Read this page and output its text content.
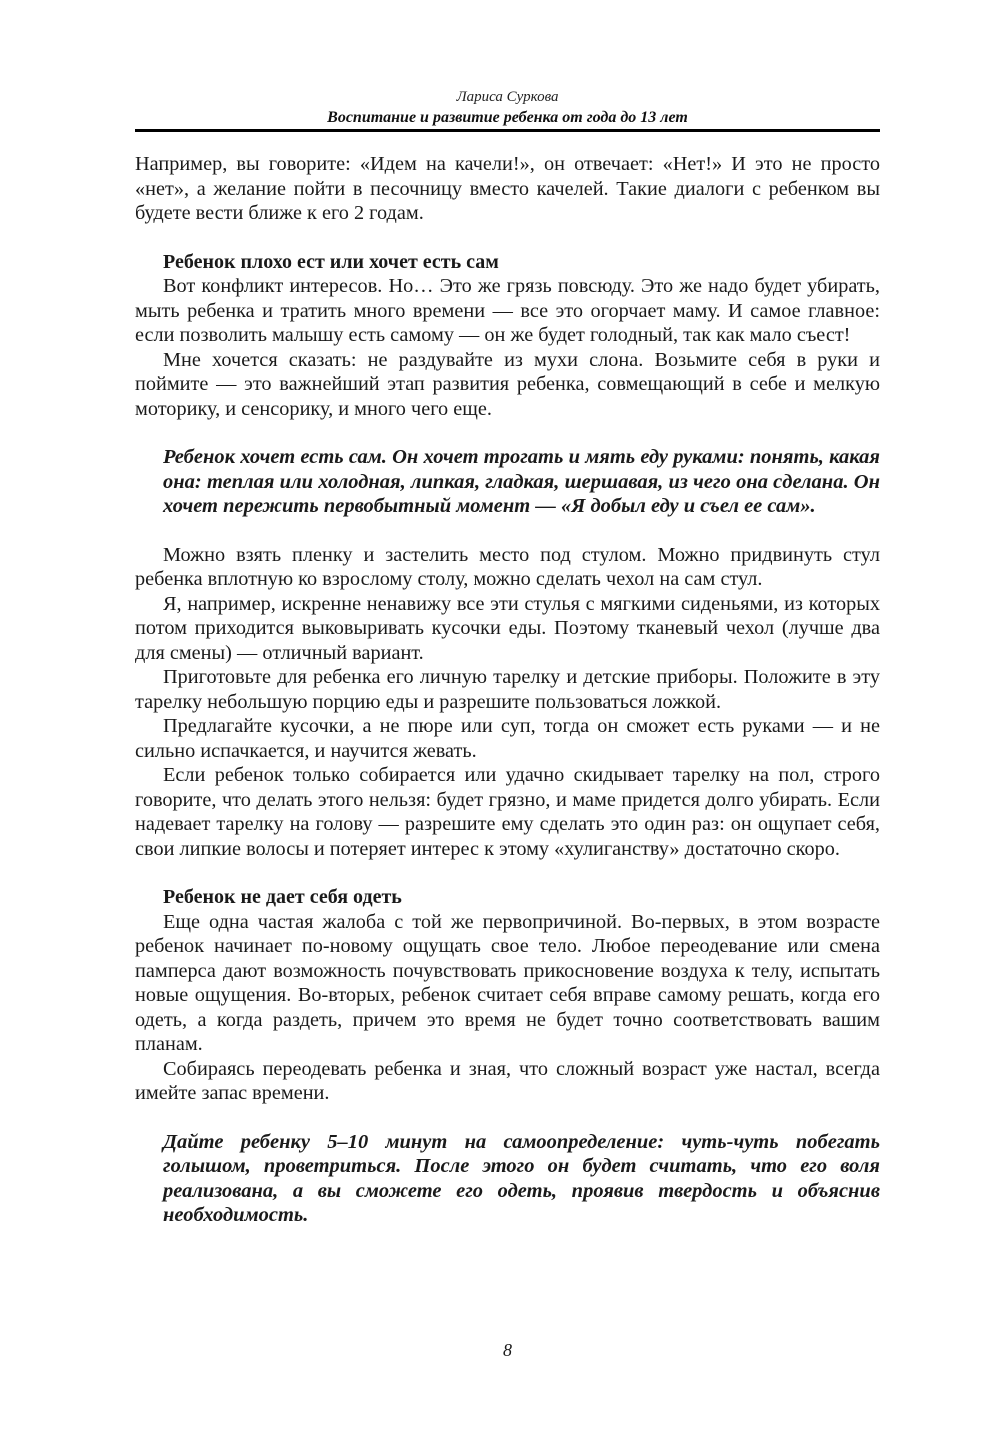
Лариса Суркова
Воспитание и развитие ребенка от года до 13 лет

Например, вы говорите: «Идем на качели!», он отвечает: «Нет!» И это не просто «нет», а желание пойти в песочницу вместо качелей. Такие диалоги с ребенком вы будете вести ближе к его 2 годам.

Ребенок плохо ест или хочет есть сам

Вот конфликт интересов. Но… Это же грязь повсюду. Это же надо будет убирать, мыть ребенка и тратить много времени — все это огорчает маму. И самое главное: если позволить малышу есть самому — он же будет голодный, так как мало съест!

Мне хочется сказать: не раздувайте из мухи слона. Возьмите себя в руки и поймите — это важнейший этап развития ребенка, совмещающий в себе и мелкую моторику, и сенсорику, и много чего еще.

Ребенок хочет есть сам. Он хочет трогать и мять еду руками: понять, какая она: теплая или холодная, липкая, гладкая, шершавая, из чего она сделана. Он хочет пережить первобытный момент — «Я добыл еду и съел ее сам».

Можно взять пленку и застелить место под стулом. Можно придвинуть стул ребенка вплотную ко взрослому столу, можно сделать чехол на сам стул.

Я, например, искренне ненавижу все эти стулья с мягкими сиденьями, из которых потом приходится выковыривать кусочки еды. Поэтому тканевый чехол (лучше два для смены) — отличный вариант.

Приготовьте для ребенка его личную тарелку и детские приборы. Положите в эту тарелку небольшую порцию еды и разрешите пользоваться ложкой.

Предлагайте кусочки, а не пюре или суп, тогда он сможет есть руками — и не сильно испачкается, и научится жевать.

Если ребенок только собирается или удачно скидывает тарелку на пол, строго говорите, что делать этого нельзя: будет грязно, и маме придется долго убирать. Если надевает тарелку на голову — разрешите ему сделать это один раз: он ощупает себя, свои липкие волосы и потеряет интерес к этому «хулиганству» достаточно скоро.

Ребенок не дает себя одеть

Еще одна частая жалоба с той же первопричиной. Во-первых, в этом возрасте ребенок начинает по-новому ощущать свое тело. Любое переодевание или смена памперса дают возможность почувствовать прикосновение воздуха к телу, испытать новые ощущения. Во-вторых, ребенок считает себя вправе самому решать, когда его одеть, а когда раздеть, причем это время не будет точно соответствовать вашим планам.

Собираясь переодевать ребенка и зная, что сложный возраст уже настал, всегда имейте запас времени.

Дайте ребенку 5–10 минут на самоопределение: чуть-чуть побегать голышом, проветриться. После этого он будет считать, что его воля реализована, а вы сможете его одеть, проявив твердость и объяснив необходимость.
8
